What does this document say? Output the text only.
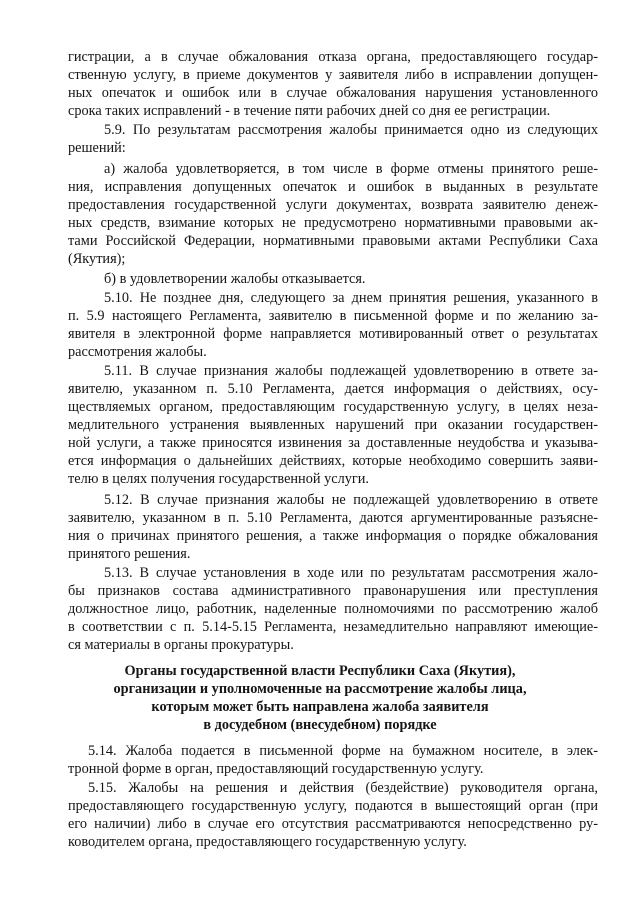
гистрации, а в случае обжалования отказа органа, предоставляющего государ-
ственную услугу, в приеме документов у заявителя либо в исправлении допущен-
ных опечаток и ошибок или в случае обжалования нарушения установленного
срока таких исправлений - в течение пяти рабочих дней со дня ее регистрации.
5.9. По результатам рассмотрения жалобы принимается одно из следующих
решений:
а) жалоба удовлетворяется, в том числе в форме отмены принятого реше-
ния, исправления допущенных опечаток и ошибок в выданных в результате
предоставления государственной услуги документах, возврата заявителю денеж-
ных средств, взимание которых не предусмотрено нормативными правовыми ак-
тами Российской Федерации, нормативными правовыми актами Республики Саха
(Якутия);
б) в удовлетворении жалобы отказывается.
5.10. Не позднее дня, следующего за днем принятия решения, указанного в
п. 5.9 настоящего Регламента, заявителю в письменной форме и по желанию за-
явителя в электронной форме направляется мотивированный ответ о результатах
рассмотрения жалобы.
5.11. В случае признания жалобы подлежащей удовлетворению в ответе за-
явителю, указанном п. 5.10 Регламента, дается информация о действиях, осу-
ществляемых органом, предоставляющим государственную услугу, в целях неза-
медлительного устранения выявленных нарушений при оказании государствен-
ной услуги, а также приносятся извинения за доставленные неудобства и указыва-
ется информация о дальнейших действиях, которые необходимо совершить заяви-
телю в целях получения государственной услуги.
5.12. В случае признания жалобы не подлежащей удовлетворению в ответе
заявителю, указанном в п. 5.10 Регламента, даются аргументированные разъясне-
ния о причинах принятого решения, а также информация о порядке обжалования
принятого решения.
5.13. В случае установления в ходе или по результатам рассмотрения жало-
бы признаков состава административного правонарушения или преступления
должностное лицо, работник, наделенные полномочиями по рассмотрению жалоб
в соответствии с п. 5.14-5.15 Регламента, незамедлительно направляют имеющие-
ся материалы в органы прокуратуры.
Органы государственной власти Республики Саха (Якутия),
организации и уполномоченные на рассмотрение жалобы лица,
которым может быть направлена жалоба заявителя
в досудебном (внесудебном) порядке
5.14. Жалоба подается в письменной форме на бумажном носителе, в элек-
тронной форме в орган, предоставляющий государственную услугу.
5.15. Жалобы на решения и действия (бездействие) руководителя органа,
предоставляющего государственную услугу, подаются в вышестоящий орган (при
его наличии) либо в случае его отсутствия рассматриваются непосредственно ру-
ководителем органа, предоставляющего государственную услугу.
